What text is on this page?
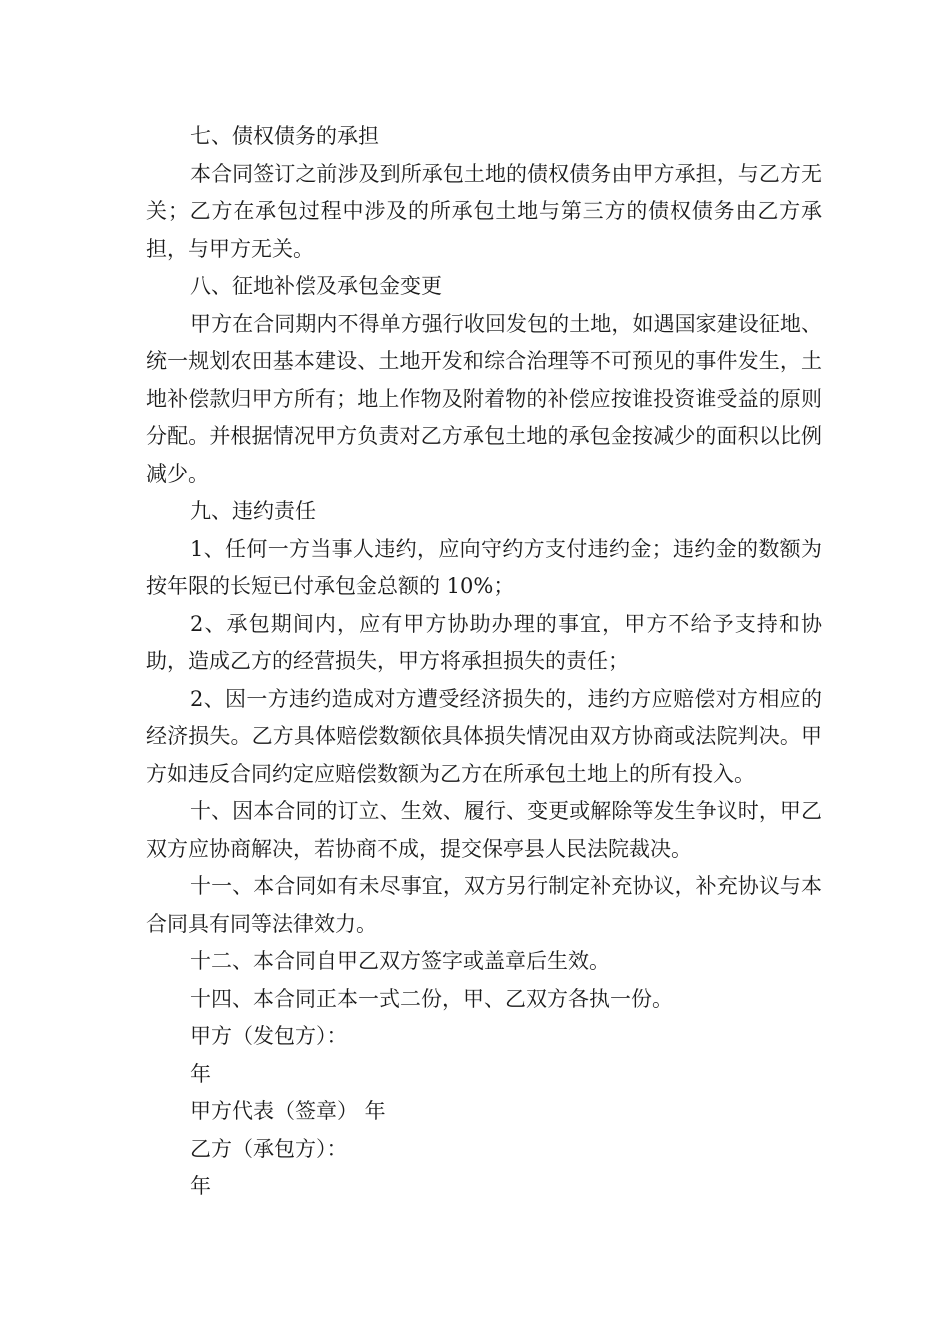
七、债权债务的承担

本合同签订之前涉及到所承包土地的债权债务由甲方承担，与乙方无关；乙方在承包过程中涉及的所承包土地与第三方的债权债务由乙方承担，与甲方无关。

八、征地补偿及承包金变更

甲方在合同期内不得单方强行收回发包的土地，如遇国家建设征地、统一规划农田基本建设、土地开发和综合治理等不可预见的事件发生，土地补偿款归甲方所有；地上作物及附着物的补偿应按谁投资谁受益的原则分配。并根据情况甲方负责对乙方承包土地的承包金按减少的面积以比例减少。

九、违约责任

1、任何一方当事人违约，应向守约方支付违约金；违约金的数额为按年限的长短已付承包金总额的 10%；

2、承包期间内，应有甲方协助办理的事宜，甲方不给予支持和协助，造成乙方的经营损失，甲方将承担损失的责任；

2、因一方违约造成对方遭受经济损失的，违约方应赔偿对方相应的经济损失。乙方具体赔偿数额依具体损失情况由双方协商或法院判决。甲方如违反合同约定应赔偿数额为乙方在所承包土地上的所有投入。

十、因本合同的订立、生效、履行、变更或解除等发生争议时，甲乙双方应协商解决，若协商不成，提交保亭县人民法院裁决。

十一、本合同如有未尽事宜，双方另行制定补充协议，补充协议与本合同具有同等法律效力。

十二、本合同自甲乙双方签字或盖章后生效。

十四、本合同正本一式二份，甲、乙双方各执一份。

甲方（发包方）：

年

甲方代表（签章） 年

乙方（承包方）：

年
